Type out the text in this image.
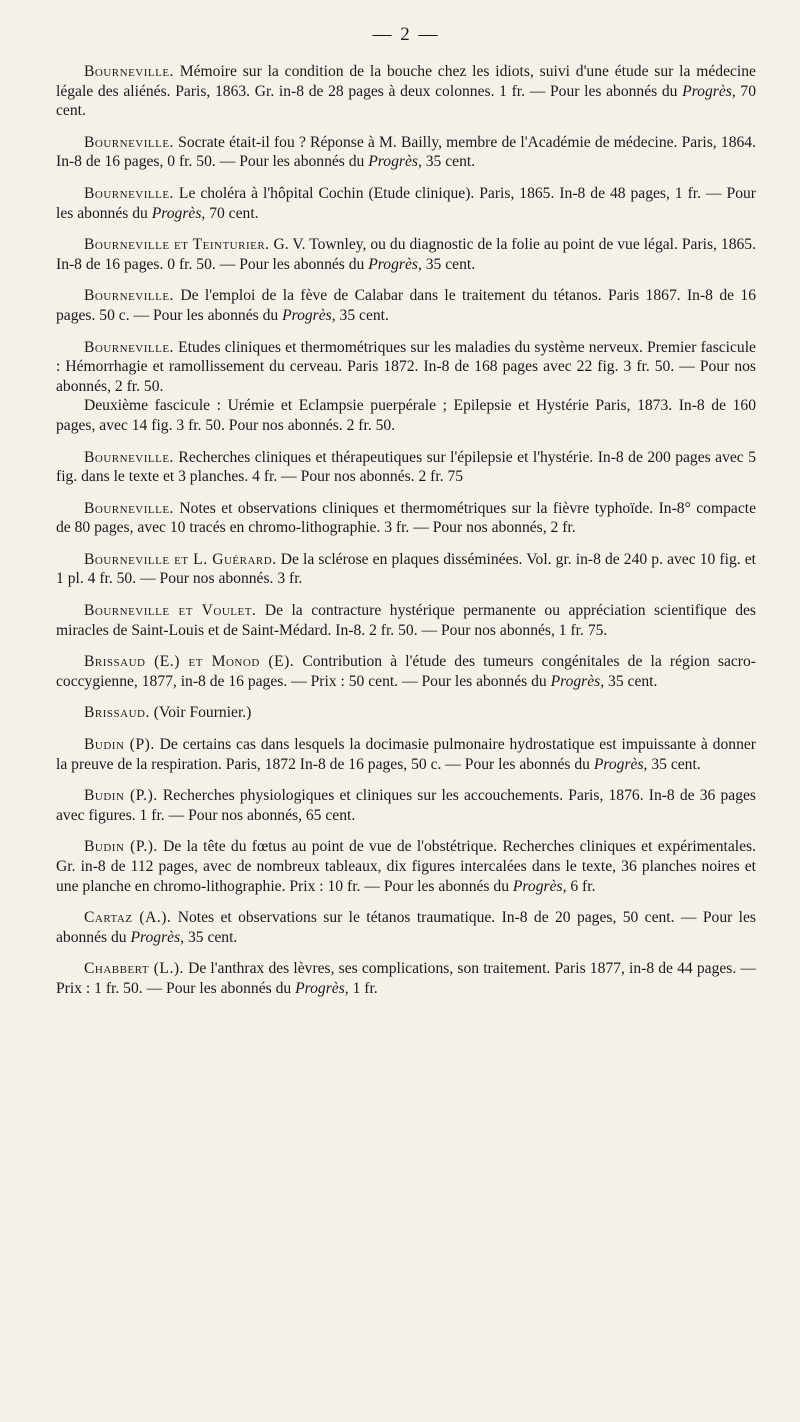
— 2 —

Bourneville. Mémoire sur la condition de la bouche chez les idiots, suivi d'une étude sur la médecine légale des aliénés. Paris, 1863. Gr. in-8 de 28 pages à deux colonnes. 1 fr. — Pour les abonnés du Progrès, 70 cent.

Bourneville. Socrate était-il fou ? Réponse à M. Bailly, membre de l'Académie de médecine. Paris, 1864. In-8 de 16 pages, 0 fr. 50. — Pour les abonnés du Progrès, 35 cent.

Bourneville. Le choléra à l'hôpital Cochin (Etude clinique). Paris, 1865. In-8 de 48 pages, 1 fr. — Pour les abonnés du Progrès, 70 cent.

Bourneville et Teinturier. G. V. Townley, ou du diagnostic de la folie au point de vue légal. Paris, 1865. In-8 de 16 pages. 0 fr. 50. — Pour les abonnés du Progrès, 35 cent.

Bourneville. De l'emploi de la fève de Calabar dans le traitement du tétanos. Paris 1867. In-8 de 16 pages. 50 c. — Pour les abonnés du Progrès, 35 cent.

Bourneville. Etudes cliniques et thermométriques sur les maladies du système nerveux. Premier fascicule : Hémorrhagie et ramollissement du cerveau. Paris 1872. In-8 de 168 pages avec 22 fig. 3 fr. 50. — Pour nos abonnés, 2 fr. 50.
Deuxième fascicule : Urémie et Eclampsie puerpérale ; Epilepsie et Hystérie Paris, 1873. In-8 de 160 pages, avec 14 fig. 3 fr. 50. Pour nos abonnés. 2 fr. 50.

Bourneville. Recherches cliniques et thérapeutiques sur l'épilepsie et l'hystérie. In-8 de 200 pages avec 5 fig. dans le texte et 3 planches. 4 fr. — Pour nos abonnés. 2 fr. 75

Bourneville. Notes et observations cliniques et thermométriques sur la fièvre typhoïde. In-8° compacte de 80 pages, avec 10 tracés en chromo-lithographie. 3 fr. — Pour nos abonnés, 2 fr.

Bourneville et L. Guérard. De la sclérose en plaques disséminées. Vol. gr. in-8 de 240 p. avec 10 fig. et 1 pl. 4 fr. 50. — Pour nos abonnés. 3 fr.

Bourneville et Voulet. De la contracture hystérique permanente ou appréciation scientifique des miracles de Saint-Louis et de Saint-Médard. In-8. 2 fr. 50. — Pour nos abonnés, 1 fr. 75.

Brissaud (E.) et Monod (E). Contribution à l'étude des tumeurs congénitales de la région sacro-coccygienne, 1877, in-8 de 16 pages. — Prix : 50 cent. — Pour les abonnés du Progrès, 35 cent.

Brissaud. (Voir Fournier.)

Budin (P). De certains cas dans lesquels la docimasie pulmonaire hydrostatique est impuissante à donner la preuve de la respiration. Paris, 1872 In-8 de 16 pages, 50 c. — Pour les abonnés du Progrès, 35 cent.

Budin (P.). Recherches physiologiques et cliniques sur les accouchements. Paris, 1876. In-8 de 36 pages avec figures. 1 fr. — Pour nos abonnés, 65 cent.

Budin (P.). De la tête du fœtus au point de vue de l'obstétrique. Recherches cliniques et expérimentales. Gr. in-8 de 112 pages, avec de nombreux tableaux, dix figures intercalées dans le texte, 36 planches noires et une planche en chromo-lithographie. Prix : 10 fr. — Pour les abonnés du Progrès, 6 fr.

Cartaz (A.). Notes et observations sur le tétanos traumatique. In-8 de 20 pages, 50 cent. — Pour les abonnés du Progrès, 35 cent.

Chabbert (L.). De l'anthrax des lèvres, ses complications, son traitement. Paris 1877, in-8 de 44 pages. — Prix : 1 fr. 50. — Pour les abonnés du Progrès, 1 fr.
